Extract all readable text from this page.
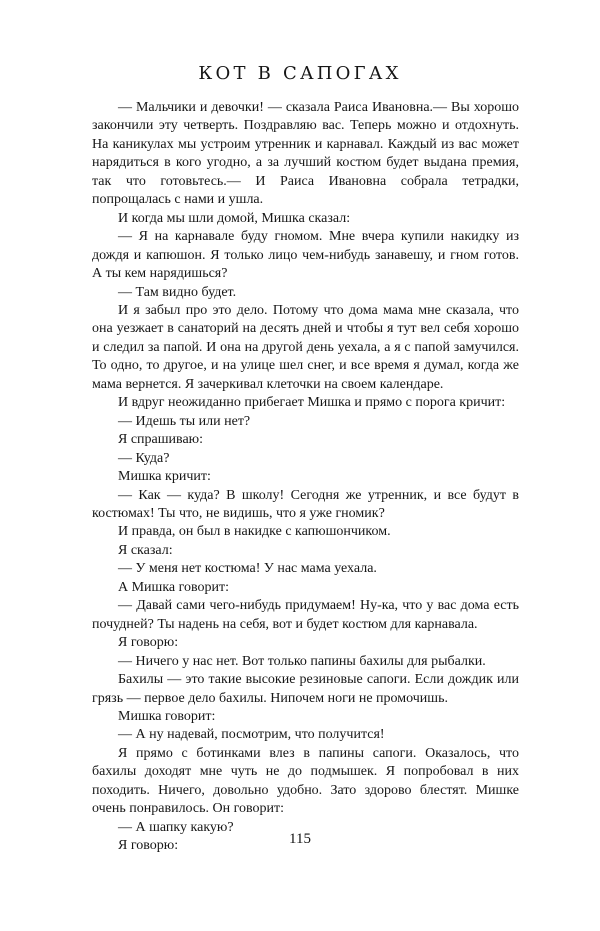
КОТ В САПОГАХ

— Мальчики и девочки! — сказала Раиса Ивановна.— Вы хорошо закончили эту четверть. Поздравляю вас. Теперь можно и отдохнуть. На каникулах мы устроим утренник и карнавал. Каждый из вас может нарядиться в кого угодно, а за лучший костюм будет выдана премия, так что готовьтесь.— И Раиса Ивановна собрала тетрадки, попрощалась с нами и ушла.

И когда мы шли домой, Мишка сказал:

— Я на карнавале буду гномом. Мне вчера купили накидку из дождя и капюшон. Я только лицо чем-нибудь занавешу, и гном готов. А ты кем нарядишься?

— Там видно будет.

И я забыл про это дело. Потому что дома мама мне сказала, что она уезжает в санаторий на десять дней и чтобы я тут вел себя хорошо и следил за папой. И она на другой день уехала, а я с папой замучился. То одно, то другое, и на улице шел снег, и все время я думал, когда же мама вернется. Я зачеркивал клеточки на своем календаре.

И вдруг неожиданно прибегает Мишка и прямо с порога кричит:

— Идешь ты или нет?

Я спрашиваю:

— Куда?

Мишка кричит:

— Как — куда? В школу! Сегодня же утренник, и все будут в костюмах! Ты что, не видишь, что я уже гномик?

И правда, он был в накидке с капюшончиком.

Я сказал:

— У меня нет костюма! У нас мама уехала.

А Мишка говорит:

— Давай сами чего-нибудь придумаем! Ну-ка, что у вас дома есть почудней? Ты надень на себя, вот и будет костюм для карнавала.

Я говорю:

— Ничего у нас нет. Вот только папины бахилы для рыбалки.

Бахилы — это такие высокие резиновые сапоги. Если дождик или грязь — первое дело бахилы. Нипочем ноги не промочишь.

Мишка говорит:

— А ну надевай, посмотрим, что получится!

Я прямо с ботинками влез в папины сапоги. Оказалось, что бахилы доходят мне чуть не до подмышек. Я попробовал в них походить. Ничего, довольно удобно. Зато здорово блестят. Мишке очень понравилось. Он говорит:

— А шапку какую?

Я говорю:	115
